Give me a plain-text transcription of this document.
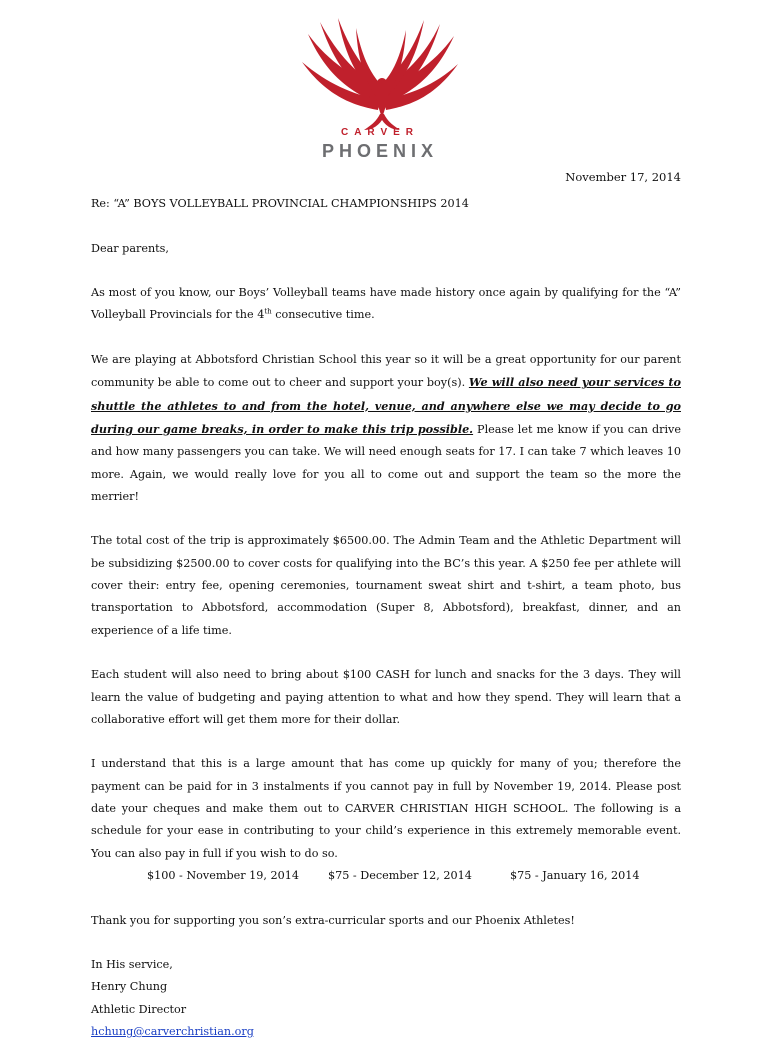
CARVER
PHOENIX
November 17, 2014

Re: “A” BOYS VOLLEYBALL PROVINCIAL CHAMPIONSHIPS 2014

Dear parents,

As most of you know, our Boys’ Volleyball teams have made history once again by qualifying for the “A” Volleyball Provincials for the 4th consecutive time.

We are playing at Abbotsford Christian School this year so it will be a great opportunity for our parent community be able to come out to cheer and support your boy(s). We will also need your services to shuttle the athletes to and from the hotel, venue, and anywhere else we may decide to go during our game breaks, in order to make this trip possible. Please let me know if you can drive and how many passengers you can take. We will need enough seats for 17. I can take 7 which leaves 10 more. Again, we would really love for you all to come out and support the team so the more the merrier!

The total cost of the trip is approximately $6500.00. The Admin Team and the Athletic Department will be subsidizing $2500.00 to cover costs for qualifying into the BC’s this year. A $250 fee per athlete will cover their: entry fee, opening ceremonies, tournament sweat shirt and t-shirt, a team photo, bus transportation to Abbotsford, accommodation (Super 8, Abbotsford), breakfast, dinner, and an experience of a life time.

Each student will also need to bring about $100 CASH for lunch and snacks for the 3 days. They will learn the value of budgeting and paying attention to what and how they spend. They will learn that a collaborative effort will get them more for their dollar.

I understand that this is a large amount that has come up quickly for many of you; therefore the payment can be paid for in 3 instalments if you cannot pay in full by November 19, 2014. Please post date your cheques and make them out to CARVER CHRISTIAN HIGH SCHOOL. The following is a schedule for your ease in contributing to your child’s experience in this extremely memorable event. You can also pay in full if you wish to do so.

$100 - November 19, 2014	$75 - December 12, 2014	$75 - January 16, 2014

Thank you for supporting you son’s extra-curricular sports and our Phoenix Athletes!

In His service,

Henry Chung

Athletic Director

hchung@carverchristian.org
